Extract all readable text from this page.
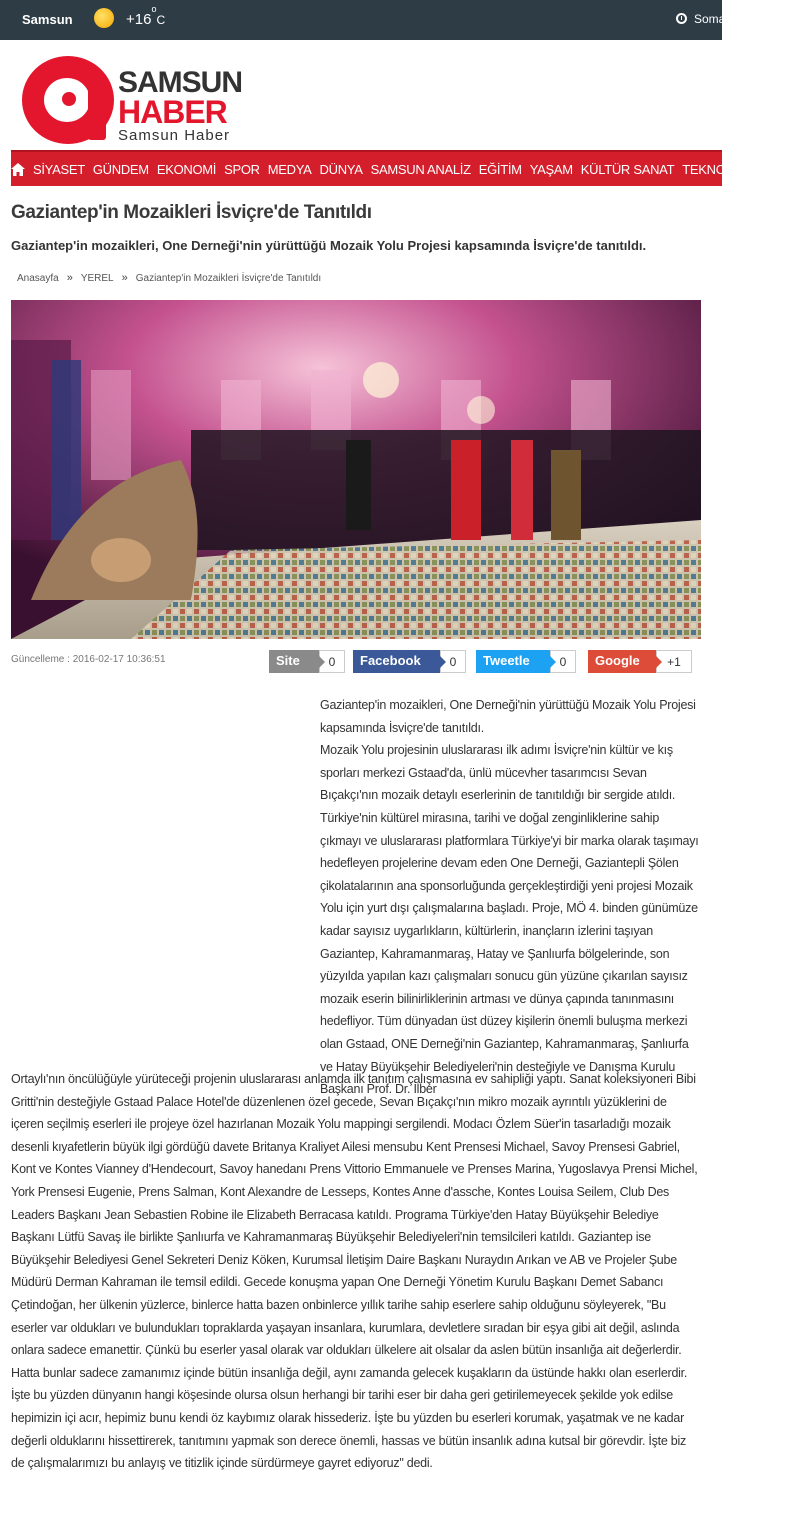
Samsun	$+16^oC$	Soma
SAMSUN
HABER
Samsun Haber
SİYASET GÜNDEM EKONOMİ SPOR MEDYA DÜNYA SAMSUN ANALİZ EĞİTİM YAŞAM KÜLTÜR SANAT TEKNOLOJİ ÇEVRE
Gaziantep'in Mozaikleri İsviçre'de Tanıtıldı

Gaziantep'in mozaikleri, One Derneği'nin yürüttüğü Mozaik Yolu Projesi kapsamında İsviçre'de tanıtıldı.

Anasayfa » YEREL » Gaziantep'in Mozaikleri İsviçre'de Tanıtıldı
Güncelleme : 2016-02-17 10:36:51	Site	0	Facebook	0	Tweetle	0	Google	+1

Gaziantep'in mozaikleri, One Derneği'nin yürüttüğü Mozaik Yolu Projesi kapsamında İsviçre'de tanıtıldı.
Mozaik Yolu projesinin uluslararası ilk adımı İsviçre'nin kültür ve kış sporları merkezi Gstaad'da, ünlü mücevher tasarımcısı Sevan Bıçakçı'nın mozaik detaylı eserlerinin de tanıtıldığı bir sergide atıldı. Türkiye'nin kültürel mirasına, tarihi ve doğal zenginliklerine sahip çıkmayı ve uluslararası platformlara Türkiye'yi bir marka olarak taşımayı hedefleyen projelerine devam eden One Derneği, Gaziantepli Şölen çikolatalarının ana sponsorluğunda gerçekleştirdiği yeni projesi Mozaik Yolu için yurt dışı çalışmalarına başladı. Proje, MÖ 4. binden günümüze kadar sayısız uygarlıkların, kültürlerin, inançların izlerini taşıyan Gaziantep, Kahramanmaraş, Hatay ve Şanlıurfa bölgelerinde, son yüzyılda yapılan kazı çalışmaları sonucu gün yüzüne çıkarılan sayısız mozaik eserin bilinirliklerinin artması ve dünya çapında tanınmasını hedefliyor. Tüm dünyadan üst düzey kişilerin önemli buluşma merkezi olan Gstaad, ONE Derneği'nin Gaziantep, Kahramanmaraş, Şanlıurfa ve Hatay Büyükşehir Belediyeleri'nin desteğiyle ve Danışma Kurulu Başkanı Prof. Dr. İlber

Ortaylı'nın öncülüğüyle yürüteceği projenin uluslararası anlamda ilk tanıtım çalışmasına ev sahipliği yaptı. Sanat koleksiyoneri Bibi Gritti'nin desteğiyle Gstaad Palace Hotel'de düzenlenen özel gecede, Sevan Bıçakçı'nın mikro mozaik ayrıntılı yüzüklerini de içeren seçilmiş eserleri ile projeye özel hazırlanan Mozaik Yolu mappingi sergilendi. Modacı Özlem Süer'in tasarladığı mozaik desenli kıyafetlerin büyük ilgi gördüğü davete Britanya Kraliyet Ailesi mensubu Kent Prensesi Michael, Savoy Prensesi Gabriel, Kont ve Kontes Vianney d'Hendecourt, Savoy hanedanı Prens Vittorio Emmanuele ve Prenses Marina, Yugoslavya Prensi Michel, York Prensesi Eugenie, Prens Salman, Kont Alexandre de Lesseps, Kontes Anne d'assche, Kontes Louisa Seilem, Club Des Leaders Başkanı Jean Sebastien Robine ile Elizabeth Berracasa katıldı. Programa Türkiye'den Hatay Büyükşehir Belediye Başkanı Lütfü Savaş ile birlikte Şanlıurfa ve Kahramanmaraş Büyükşehir Belediyeleri'nin temsilcileri katıldı. Gaziantep ise Büyükşehir Belediyesi Genel Sekreteri Deniz Köken, Kurumsal İletişim Daire Başkanı Nuraydın Arıkan ve AB ve Projeler Şube Müdürü Derman Kahraman ile temsil edildi. Gecede konuşma yapan One Derneği Yönetim Kurulu Başkanı Demet Sabancı Çetindoğan, her ülkenin yüzlerce, binlerce hatta bazen onbinlerce yıllık tarihe sahip eserlere sahip olduğunu söyleyerek, "Bu eserler var oldukları ve bulundukları topraklarda yaşayan insanlara, kurumlara, devletlere sıradan bir eşya gibi ait değil, aslında onlara sadece emanettir. Çünkü bu eserler yasal olarak var oldukları ülkelere ait olsalar da aslen bütün insanlığa ait değerlerdir. Hatta bunlar sadece zamanımız içinde bütün insanlığa değil, aynı zamanda gelecek kuşakların da üstünde hakkı olan eserlerdir. İşte bu yüzden dünyanın hangi köşesinde olursa olsun herhangi bir tarihi eser bir daha geri getirilemeyecek şekilde yok edilse hepimizin içi acır, hepimiz bunu kendi öz kaybımız olarak hissederiz. İşte bu yüzden bu eserleri korumak, yaşatmak ve ne kadar değerli olduklarını hissettirerek, tanıtımını yapmak son derece önemli, hassas ve bütün insanlık adına kutsal bir görevdir. İşte biz de çalışmalarımızı bu anlayış ve titizlik içinde sürdürmeye gayret ediyoruz" dedi.
